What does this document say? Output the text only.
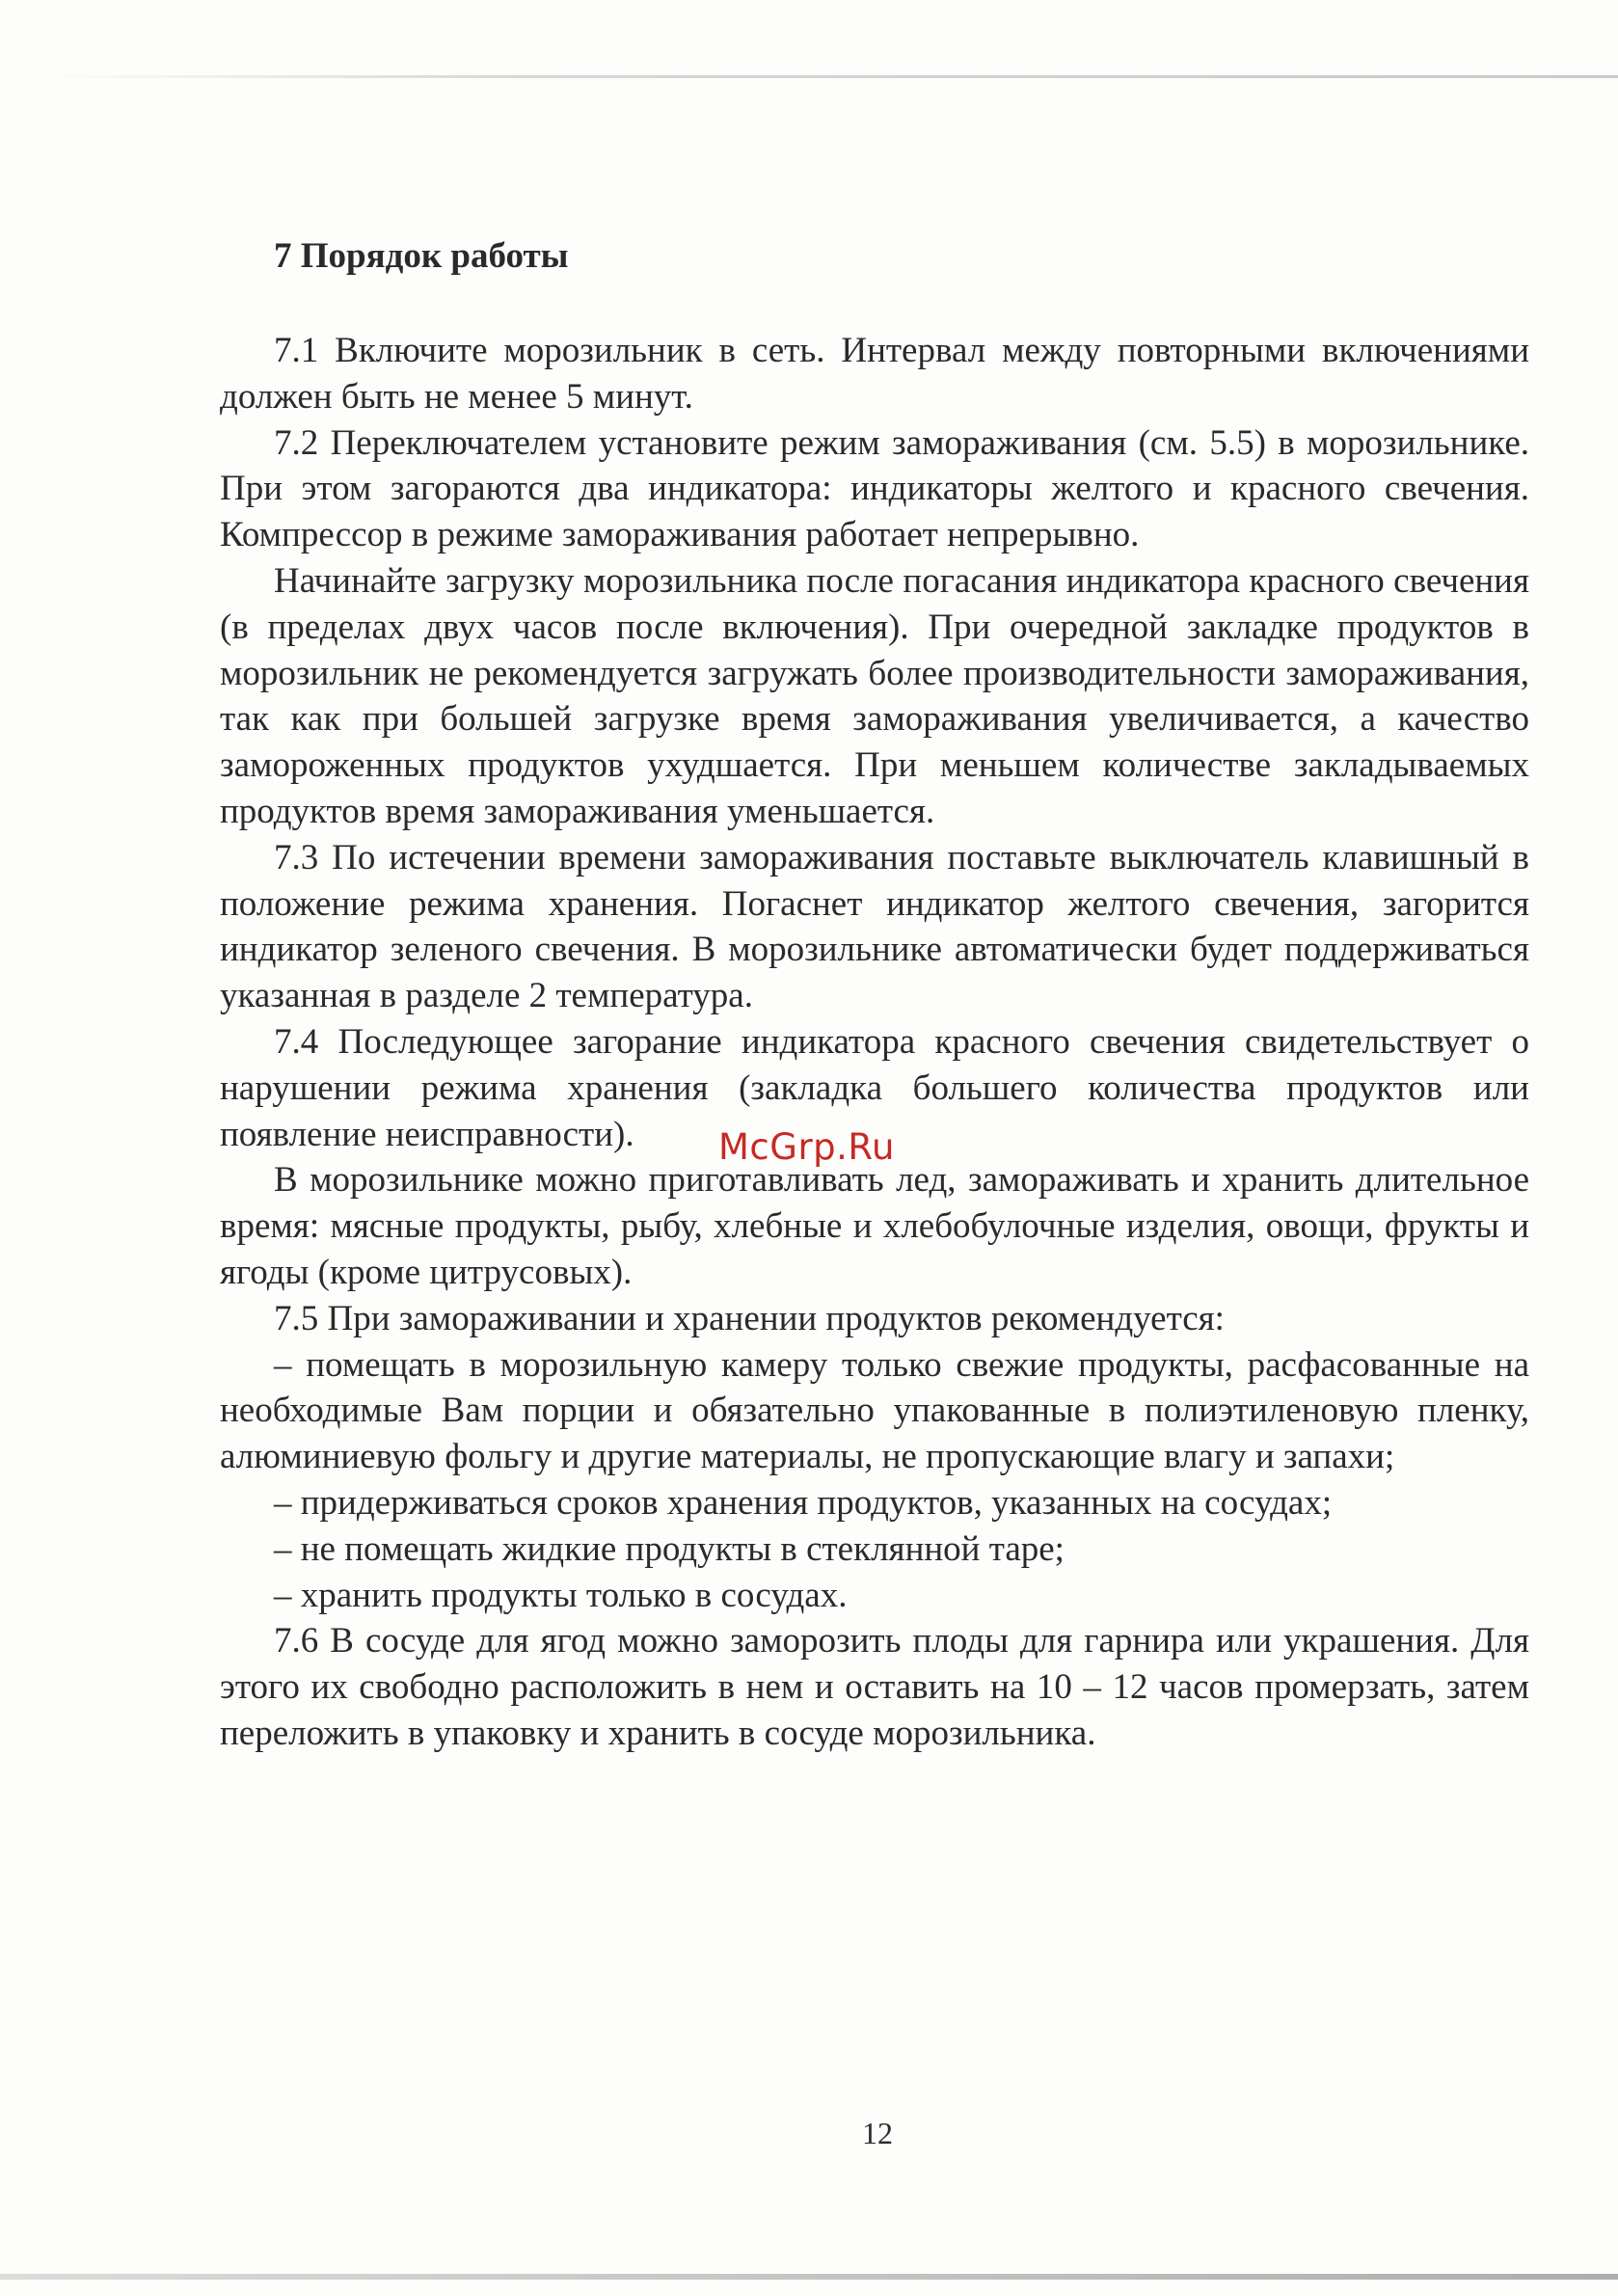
7 Порядок работы

7.1 Включите морозильник в сеть. Интервал между повторными включениями должен быть не менее 5 минут.

7.2 Переключателем установите режим замораживания (см. 5.5) в морозильнике. При этом загораются два индикатора: индикаторы желтого и красного свечения. Компрессор в режиме замораживания работает непрерывно.

Начинайте загрузку морозильника после погасания индикатора красного свечения (в пределах двух часов после включения). При очередной закладке продуктов в морозильник не рекомендуется загружать более производительности замораживания, так как при большей загрузке время замораживания увеличивается, а качество замороженных продуктов ухудшается. При меньшем количестве закладываемых продуктов время замораживания уменьшается.

7.3 По истечении времени замораживания поставьте выключатель клавишный в положение режима хранения. Погаснет индикатор желтого свечения, загорится индикатор зеленого свечения. В морозильнике автоматически будет поддерживаться указанная в разделе 2 температура.

7.4 Последующее загорание индикатора красного свечения свидетельствует о нарушении режима хранения (закладка большего количества продуктов или появление неисправности).

В морозильнике можно приготавливать лед, замораживать и хранить длительное время: мясные продукты, рыбу, хлебные и хлебобулочные изделия, овощи, фрукты и ягоды (кроме цитрусовых).

7.5 При замораживании и хранении продуктов рекомендуется:

– помещать в морозильную камеру только свежие продукты, расфасованные на необходимые Вам порции и обязательно упакованные в полиэтиленовую пленку, алюминиевую фольгу и другие материалы, не пропускающие влагу и запахи;

– придерживаться сроков хранения продуктов, указанных на сосудах;

– не помещать жидкие продукты в стеклянной таре;

– хранить продукты только в сосудах.

7.6 В сосуде для ягод можно заморозить плоды для гарнира или украшения. Для этого их свободно расположить в нем и оставить на 10 – 12 часов промерзать, затем переложить в упаковку и хранить в сосуде морозильника.

McGrp.Ru
12
